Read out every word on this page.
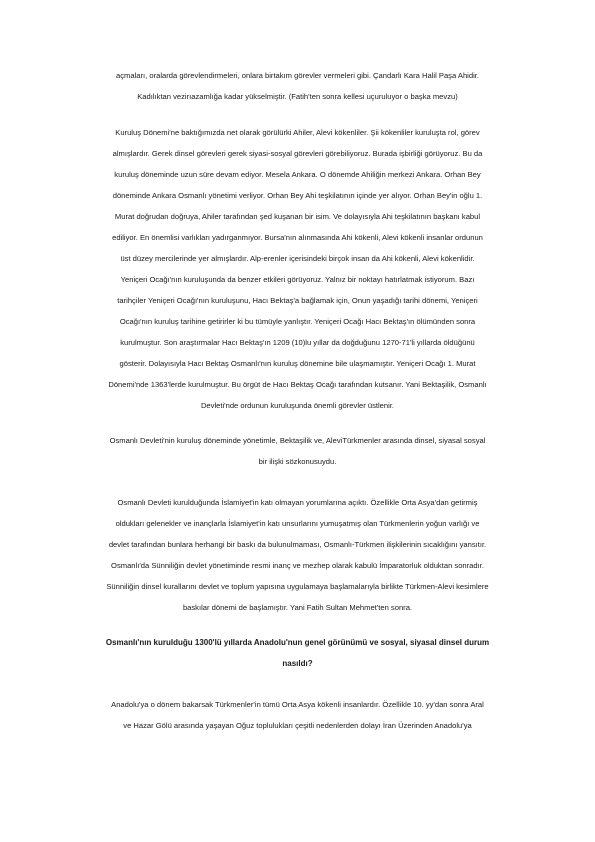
açmaları, oralarda görevlendirmeleri, onlara birtakım görevler vermeleri gibi. Çandarlı Kara Halil Paşa Ahidir.
Kadılıktan vezirıazamlığa kadar yükselmiştir. (Fatih'ten sonra kellesi uçuruluyor o başka mevzu)
Kuruluş Dönemi'ne baktığımızda net olarak görülürki Ahiler, Alevi kökenliler. Şii kökenliler kuruluşta rol, görev
almışlardır. Gerek dinsel görevleri gerek siyasi-sosyal görevleri görebiliyoruz. Burada işbirliği görüyoruz. Bu da
kuruluş döneminde uzun süre devam ediyor. Mesela Ankara. O dönemde Ahiliğin merkezi Ankara. Orhan Bey
döneminde Ankara Osmanlı yönetimi verliyor. Orhan Bey Ahi teşkilatının içinde yer alıyor. Orhan Bey'in oğlu 1.
Murat doğrudan doğruya, Ahiler tarafından şed kuşanan bir isim. Ve dolayısıyla Ahi teşkilatının başkanı kabul
ediliyor. En önemlisi varlıkları yadırganmıyor. Bursa'nın alınmasında Ahi kökenli, Alevi kökenli insanlar ordunun
üst düzey mercilerinde yer almışlardır. Alp-erenler içerisindeki birçok insan da Ahi kökenli, Alevi kökenlidir.
Yeniçeri Ocağı'nın kuruluşunda da benzer etkileri görüyoruz. Yalnız bir noktayı hatırlatmak istiyorum. Bazı
tarihçiler Yeniçeri Ocağı'nın kuruluşunu, Hacı Bektaş'a bağlamak için, Onun yaşadığı tarihi dönemi, Yeniçeri
Ocağı'nın kuruluş tarihine getirirler ki bu tümüyle yanlıştır. Yeniçeri Ocağı Hacı Bektaş'ın ölümünden sonra
kurulmuştur. Son araştırmalar Hacı Bektaş'ın 1209 (10)lu yıllar da doğduğunu 1270-71'li yıllarda öldüğünü
gösterir. Dolayısıyla Hacı Bektaş Osmanlı'nın kuruluş dönemine bile ulaşmamıştır. Yeniçeri Ocağı 1. Murat
Dönemi'nde 1363'lerde kurulmuştur. Bu örgüt de Hacı Bektaş Ocağı tarafından kutsanır. Yani Bektaşilik, Osmanlı
Devleti'nde ordunun kuruluşunda önemli görevler üstlenir.
Osmanlı Devleti'nin kuruluş döneminde yönetimle, Bektaşilik ve, AleviTürkmenler arasında dinsel, siyasal sosyal
bir ilişki sözkonusuydu.
Osmanlı Devleti kurulduğunda İslamiyet'in katı olmayan yorumlarına açıktı. Özellikle Orta Asya'dan getirmiş
oldukları gelenekler ve inançlarla İslamiyet'in katı unsurlarını yumuşatmış olan Türkmenlerin yoğun varlığı ve
devlet tarafından bunlara herhangi bir baskı da bulunulmaması, Osmanlı-Türkmen ilişkilerinin sıcaklığını yansıtır.
Osmanlı'da Sünniliğin devlet yönetiminde resmi inanç ve mezhep olarak kabulü İmparatorluk olduktan sonradır.
Sünniliğin dinsel kurallarını devlet ve toplum yapısına uygulamaya başlamalarıyla birlikte Türkmen-Alevi kesimlere
baskılar dönemi de başlamıştır. Yani Fatih Sultan Mehmet'ten sonra.
Osmanlı'nın kurulduğu 1300'lü yıllarda Anadolu'nun genel görünümü ve sosyal, siyasal dinsel durum
nasıldı?
Anadolu'ya o dönem bakarsak Türkmenler'in tümü Orta Asya kökenli insanlardır. Özellikle 10. yy'dan sonra Aral
ve Hazar Gölü arasında yaşayan Oğuz toplulukları çeşitli nedenlerden dolayı İran Üzerinden Anadolu'ya
